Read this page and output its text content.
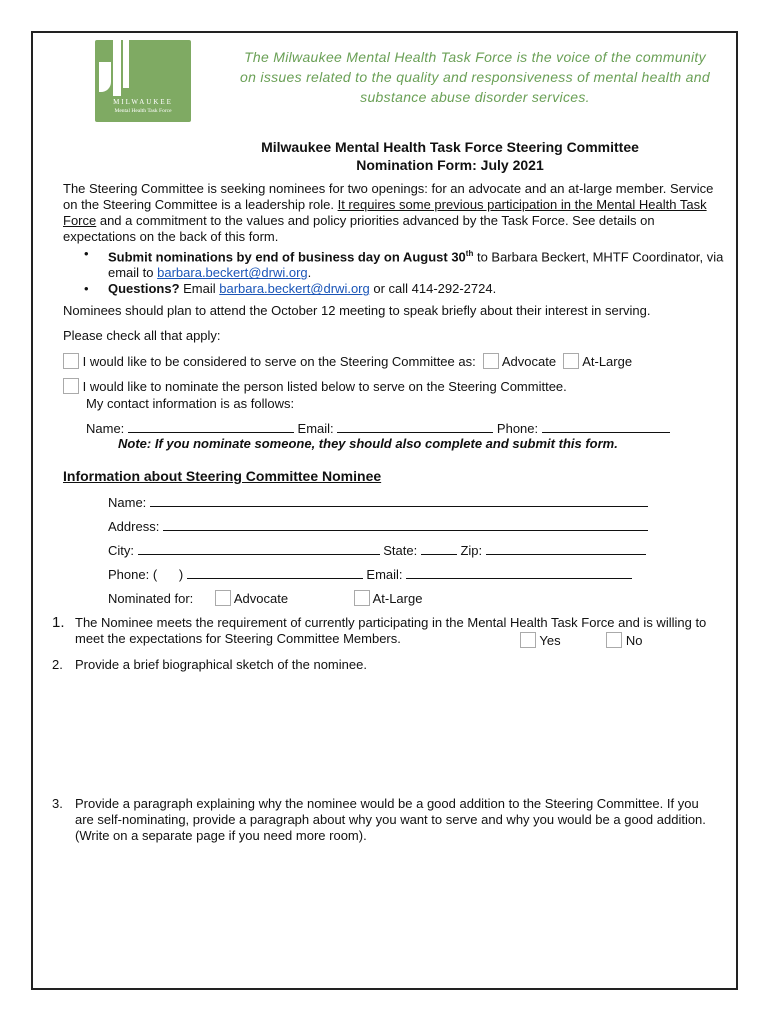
MILWAUKEE
Mental Health Task Force
The Milwaukee Mental Health Task Force is the voice of the community on issues related to the quality and responsiveness of mental health and substance abuse disorder services.
Milwaukee Mental Health Task Force Steering Committee
Nomination Form: July 2021
The Steering Committee is seeking nominees for two openings: for an advocate and an at-large member. Service on the Steering Committee is a leadership role. It requires some previous participation in the Mental Health Task Force and a commitment to the values and policy priorities advanced by the Task Force. See details on expectations on the back of this form.
• Submit nominations by end of business day on August 30th to Barbara Beckert, MHTF Coordinator, via email to barbara.beckert@drwi.org.
• Questions? Email barbara.beckert@drwi.org or call 414-292-2724.
Nominees should plan to attend the October 12 meeting to speak briefly about their interest in serving.
Please check all that apply:
I would like to be considered to serve on the Steering Committee as: Advocate At-Large
I would like to nominate the person listed below to serve on the Steering Committee.
My contact information is as follows:
Name:	Email:	Phone:
Note: If you nominate someone, they should also complete and submit this form.
Information about Steering Committee Nominee
Name:
Address:
City:	State:	Zip:
Phone: ( )	Email:
Nominated for:	Advocate	At-Large
1. The Nominee meets the requirement of currently participating in the Mental Health Task Force and is willing to meet the expectations for Steering Committee Members.	Yes	No
2. Provide a brief biographical sketch of the nominee.
3. Provide a paragraph explaining why the nominee would be a good addition to the Steering Committee. If you are self-nominating, provide a paragraph about why you want to serve and why you would be a good addition. (Write on a separate page if you need more room).
